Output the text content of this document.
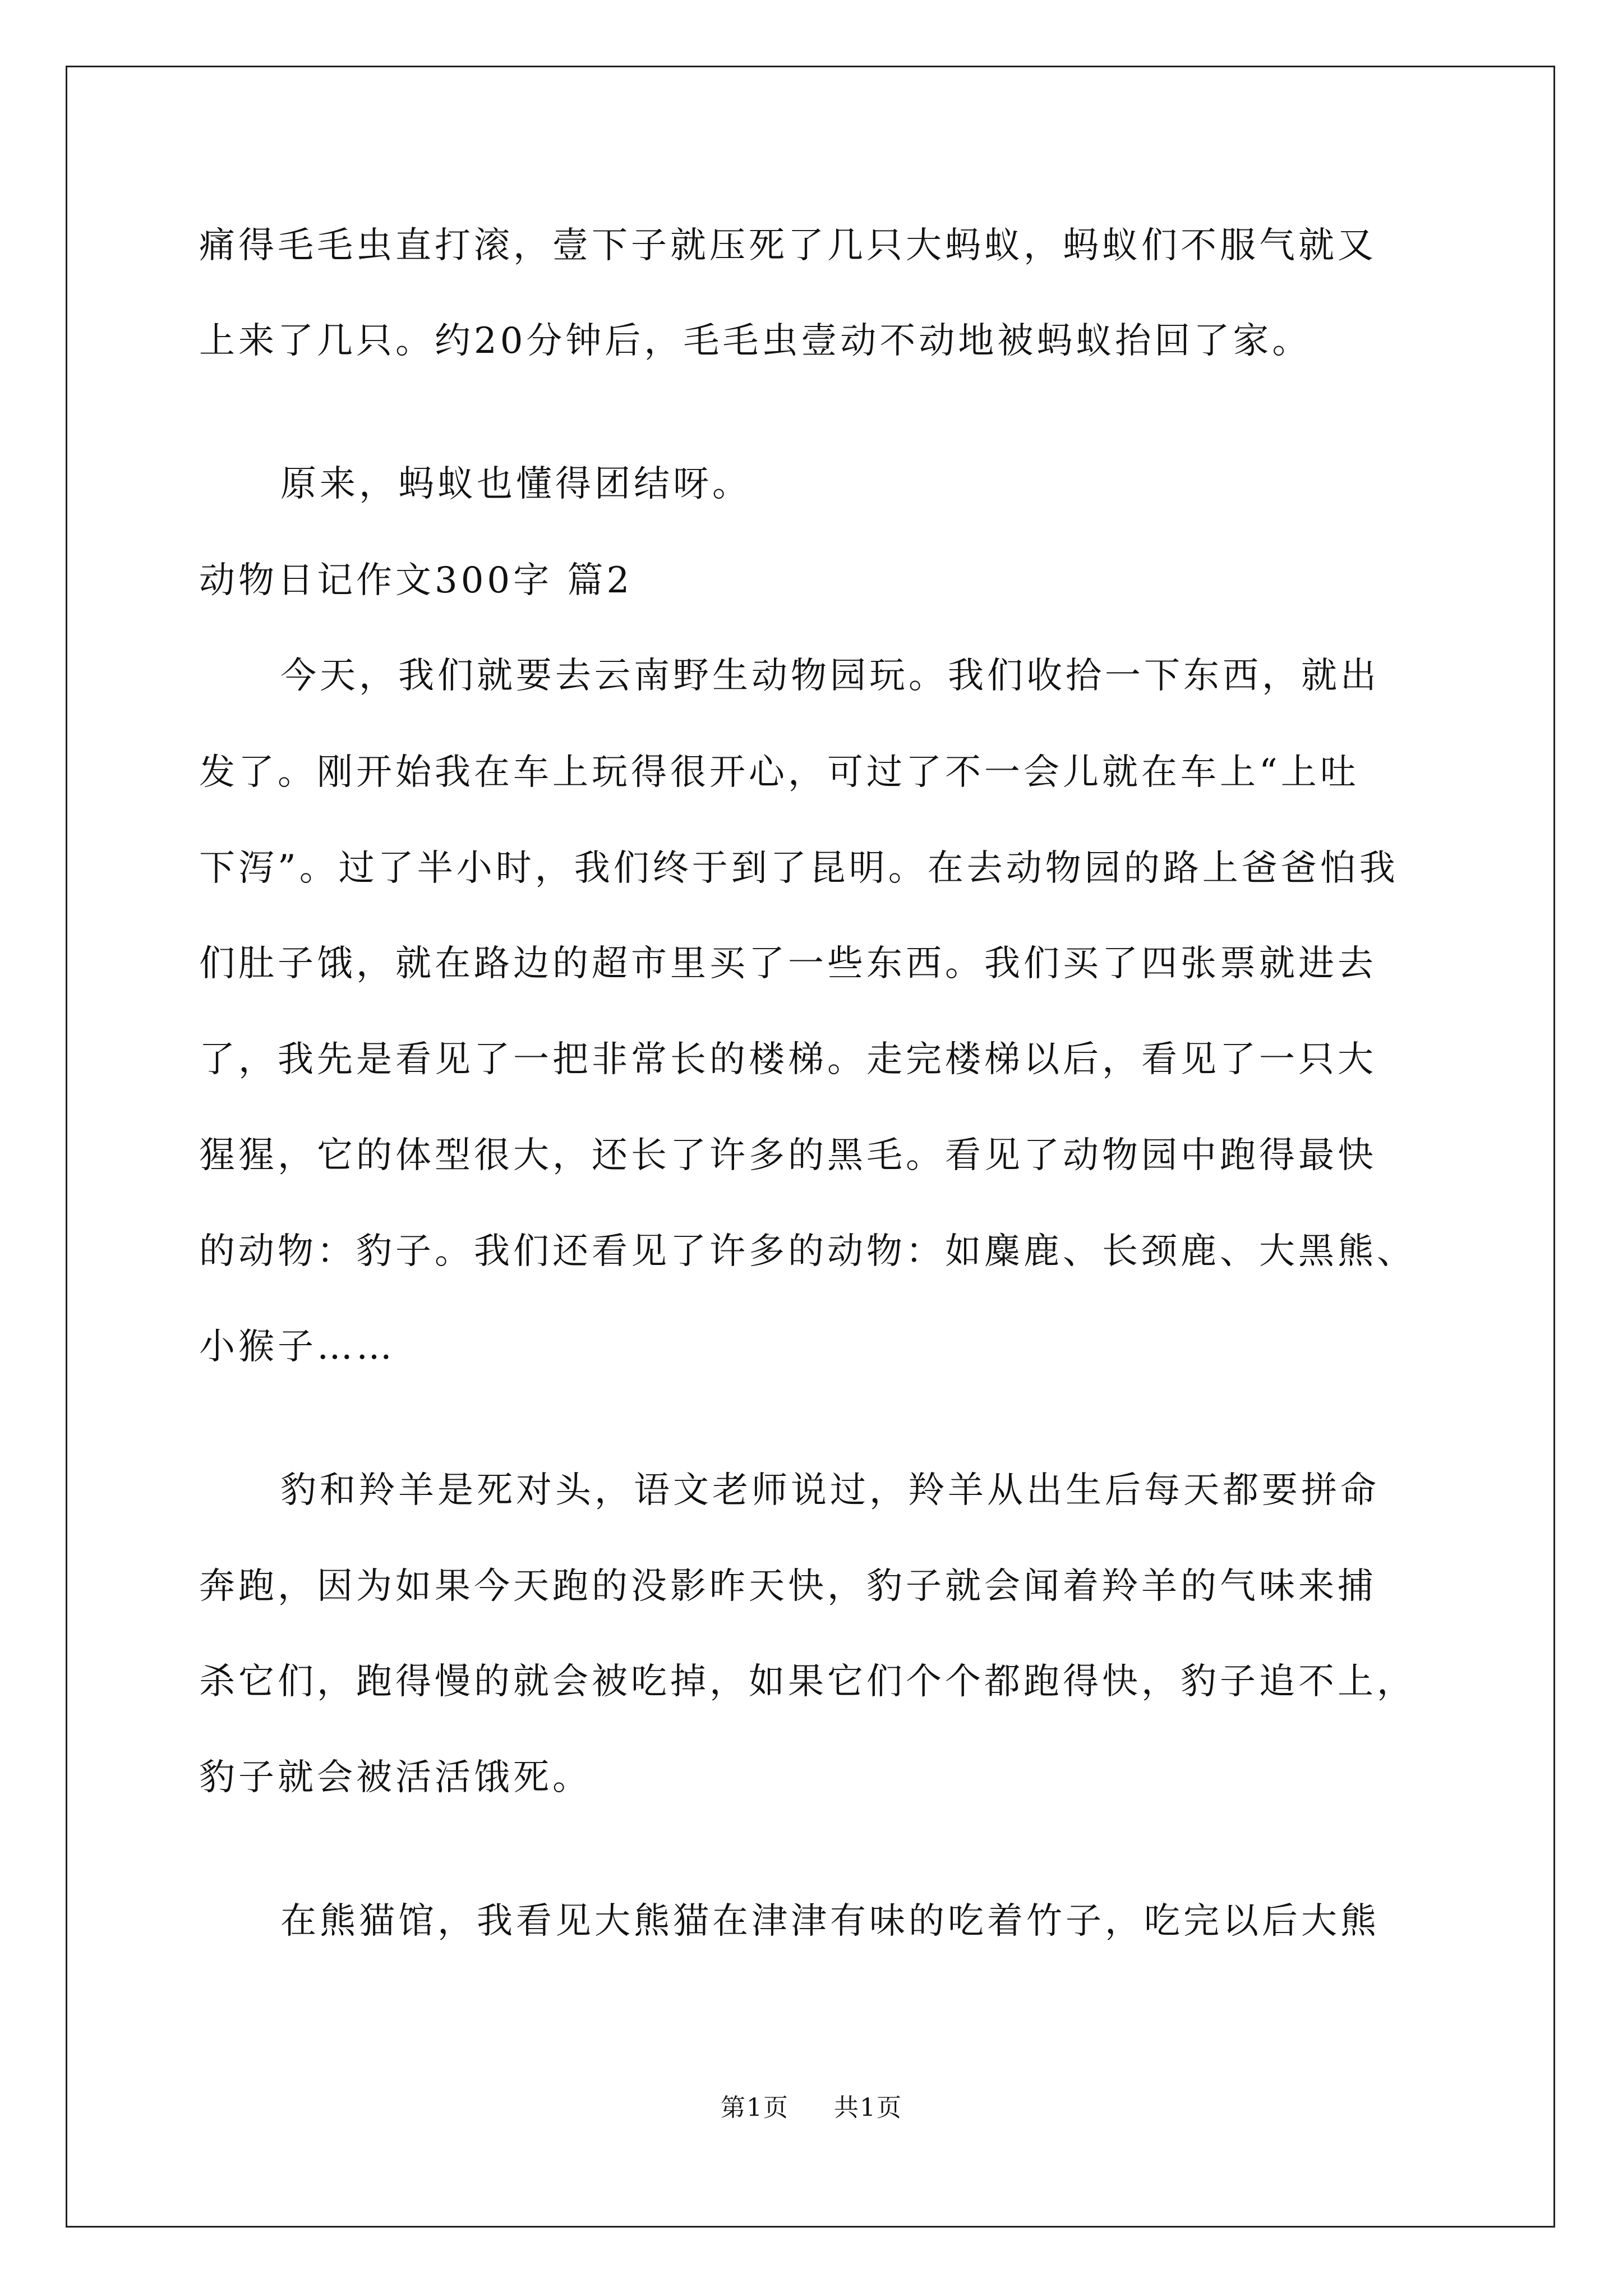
痛得毛毛虫直打滚，壹下子就压死了几只大蚂蚁，蚂蚁们不服气就又
上来了几只。约20分钟后，毛毛虫壹动不动地被蚂蚁抬回了家。
原来，蚂蚁也懂得团结呀。
动物日记作文300字 篇2
今天，我们就要去云南野生动物园玩。我们收拾一下东西，就出
发了。刚开始我在车上玩得很开心，可过了不一会儿就在车上“上吐
下泻”。过了半小时，我们终于到了昆明。在去动物园的路上爸爸怕我
们肚子饿，就在路边的超市里买了一些东西。我们买了四张票就进去
了，我先是看见了一把非常长的楼梯。走完楼梯以后，看见了一只大
猩猩，它的体型很大，还长了许多的黑毛。看见了动物园中跑得最快
的动物：豹子。我们还看见了许多的动物：如麋鹿、长颈鹿、大黑熊、
小猴子……
豹和羚羊是死对头，语文老师说过，羚羊从出生后每天都要拼命
奔跑，因为如果今天跑的没影昨天快，豹子就会闻着羚羊的气味来捕
杀它们，跑得慢的就会被吃掉，如果它们个个都跑得快，豹子追不上，
豹子就会被活活饿死。
在熊猫馆，我看见大熊猫在津津有味的吃着竹子，吃完以后大熊
第1页 共1页
